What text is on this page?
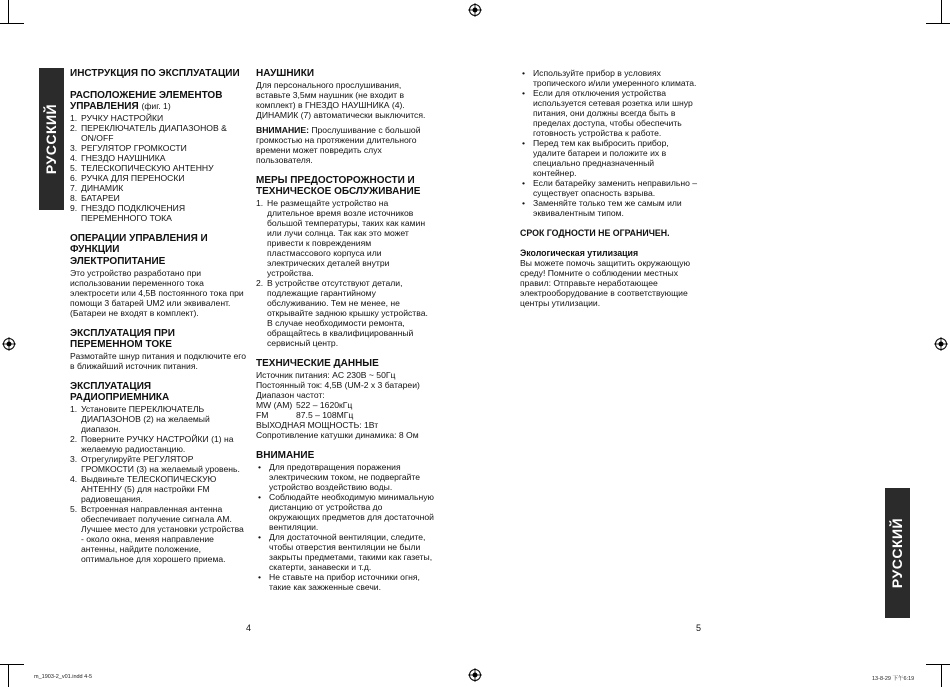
РУССКИЙ
РУССКИЙ
ИНСТРУКЦИЯ ПО ЭКСПЛУАТАЦИИ
РАСПОЛОЖЕНИЕ ЭЛЕМЕНТОВ УПРАВЛЕНИЯ (фиг. 1)
1. РУЧКУ НАСТРОЙКИ
2. ПЕРЕКЛЮЧАТЕЛЬ ДИАПАЗОНОВ & ON/OFF
3. РЕГУЛЯТОР ГРОМКОСТИ
4. ГНЕЗДО НАУШНИКА
5. ТЕЛЕСКОПИЧЕСКУЮ АНТЕННУ
6. РУЧКА ДЛЯ ПЕРЕНОСКИ
7. ДИНАМИК
8. БАТАРЕИ
9. ГНЕЗДО ПОДКЛЮЧЕНИЯ ПЕРЕМЕННОГО ТОКА
ОПЕРАЦИИ УПРАВЛЕНИЯ И ФУНКЦИИ
ЭЛЕКТРОПИТАНИЕ

Это устройство разработано при использовании переменного тока электросети или 4,5В постоянного тока при помощи 3 батарей UM2 или эквивалент. (Батареи не входят в комплект).

ЭКСПЛУАТАЦИЯ ПРИ ПЕРЕМЕННОМ ТОКЕ

Размотайте шнур питания и подключите его в ближайший источник питания.

ЭКСПЛУАТАЦИЯ РАДИОПРИЕМНИКА
1. Установите ПЕРЕКЛЮЧАТЕЛЬ ДИАПАЗОНОВ (2) на желаемый диапазон.
2. Поверните РУЧКУ НАСТРОЙКИ (1) на желаемую радиостанцию.
3. Отрегулируйте РЕГУЛЯТОР ГРОМКОСТИ (3) на желаемый уровень.
4. Выдвиньте ТЕЛЕСКОПИЧЕСКУЮ АНТЕННУ (5) для настройки FM радиовещания.
5. Встроенная направленная антенна обеспечивает получение сигнала AM. Лучшее место для установки устройства - около окна, меняя направление антенны, найдите положение, оптимальное для хорошего приема.
НАУШНИКИ

Для персонального прослушивания, вставьте 3,5мм наушник (не входит в комплект) в ГНЕЗДО НАУШНИКА (4). ДИНАМИК (7) автоматически выключится.

ВНИМАНИЕ: Прослушивание с большой громкостью на протяжении длительного времени может повредить слух пользователя.

МЕРЫ ПРЕДОСТОРОЖНОСТИ И ТЕХНИЧЕСКОЕ ОБСЛУЖИВАНИЕ
1. Не размещайте устройство на длительное время возле источников большой температуры, таких как камин или лучи солнца. Так как это может привести к повреждениям пластмассового корпуса или электрических деталей внутри устройства.
2. В устройстве отсутствуют детали, подлежащие гарантийному обслуживанию. Тем не менее, не открывайте заднюю крышку устройства. В случае необходимости ремонта, обращайтесь в квалифицированный сервисный центр.
ТЕХНИЧЕСКИЕ ДАННЫЕ

Источник питания: AC 230В ~ 50Гц

Постоянный ток: 4,5В (UM-2 x 3 батареи)

Диапазон частот:

MW (AM) 522 – 1620кГц
FM	87.5 – 108МГц

ВЫХОДНАЯ МОЩНОСТЬ: 1Вт

Сопротивление катушки динамика: 8 Ом

ВНИМАНИЕ
• Для предотвращения поражения электрическим током, не подвергайте устройство воздействию воды.
• Соблюдайте необходимую минимальную дистанцию от устройства до окружающих предметов для достаточной вентиляции.
• Для достаточной вентиляции, следите, чтобы отверстия вентиляции не были закрыты предметами, такими как газеты, скатерти, занавески и т.д.
• Не ставьте на прибор источники огня, такие как зажженные свечи.
• Используйте прибор в условиях тропического и/или умеренного климата.
• Если для отключения устройства используется сетевая розетка или шнур питания, они должны всегда быть в пределах доступа, чтобы обеспечить готовность устройства к работе.
• Перед тем как выбросить прибор, удалите батареи и положите их в специально предназначенный контейнер.
• Если батарейку заменить неправильно – существует опасность взрыва.
• Заменяйте только тем же самым или эквивалентным типом.
СРОК ГОДНОСТИ НЕ ОГРАНИЧЕН.
Экологическая утилизация

Вы можете помочь защитить окружающую среду! Помните о соблюдении местных правил: Отправьте неработающее электрооборудование в соответствующие центры утилизации.

4	5
m_1903-2_v01.indd 4-5	13-8-29 下午6:19
